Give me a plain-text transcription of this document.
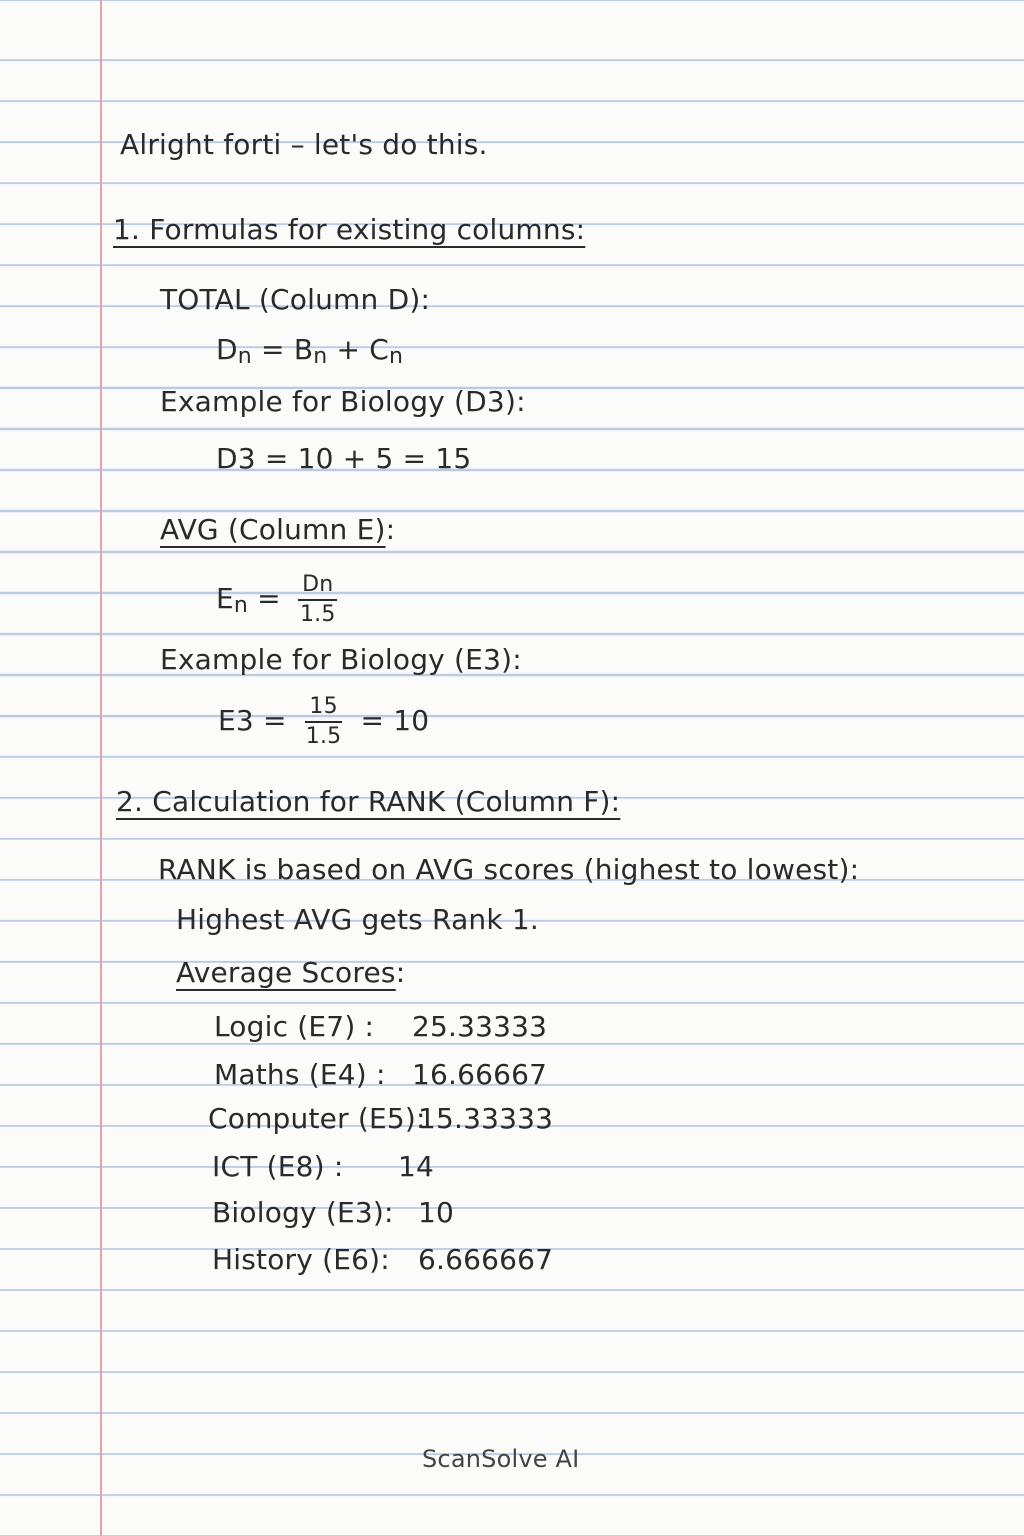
Alright forti – let's do this.
1. Formulas for existing columns:
TOTAL (Column D):
Dn = Bn + Cn
Example for Biology (D3):
D3 = 10 + 5 = 15
AVG (Column E):
$En = \frac{Dn}{1.5}$
Example for Biology (E3):
$E3 = \frac{15}{1.5} = 10$
2. Calculation for RANK (Column F):
RANK is based on AVG scores (highest to lowest):
Highest AVG gets Rank 1.
Average Scores:
Logic (E7) : 25.33333
Maths (E4) : 16.66667
Computer (E5):
15.33333
ICT (E8) : 14
Biology (E3): 10
History (E6): 6.666667
ScanSolve AI
